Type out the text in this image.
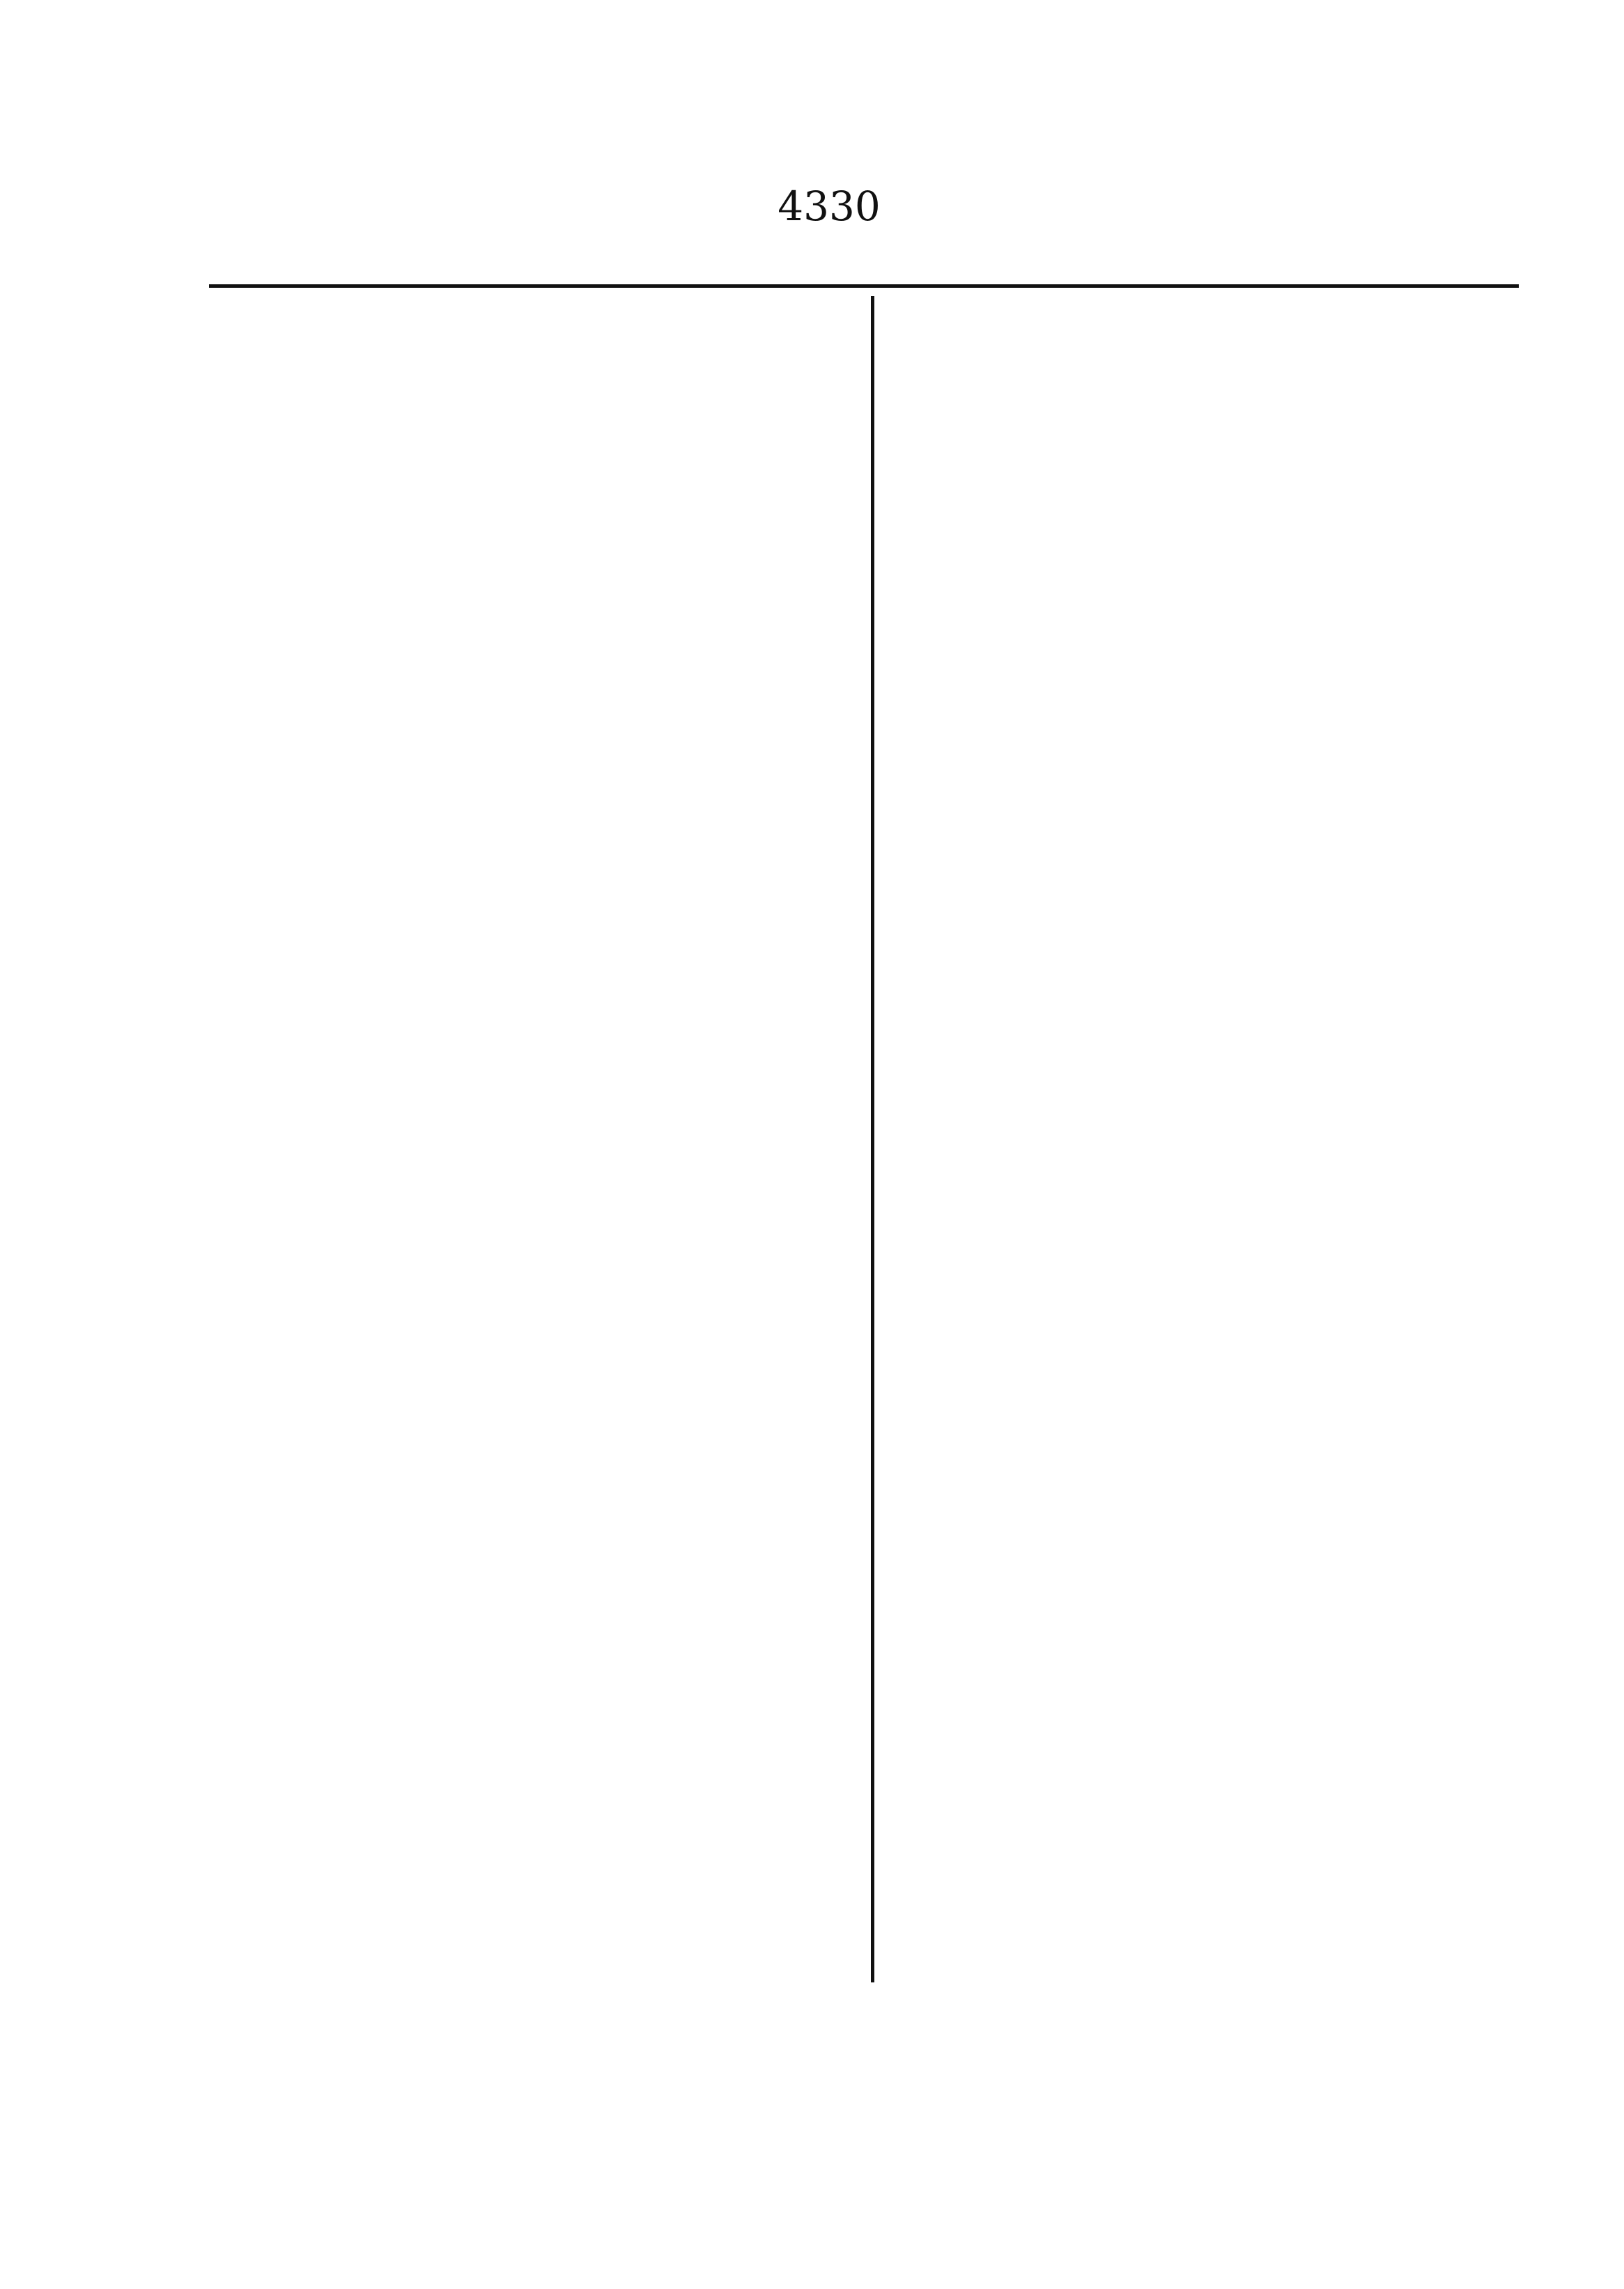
4330
